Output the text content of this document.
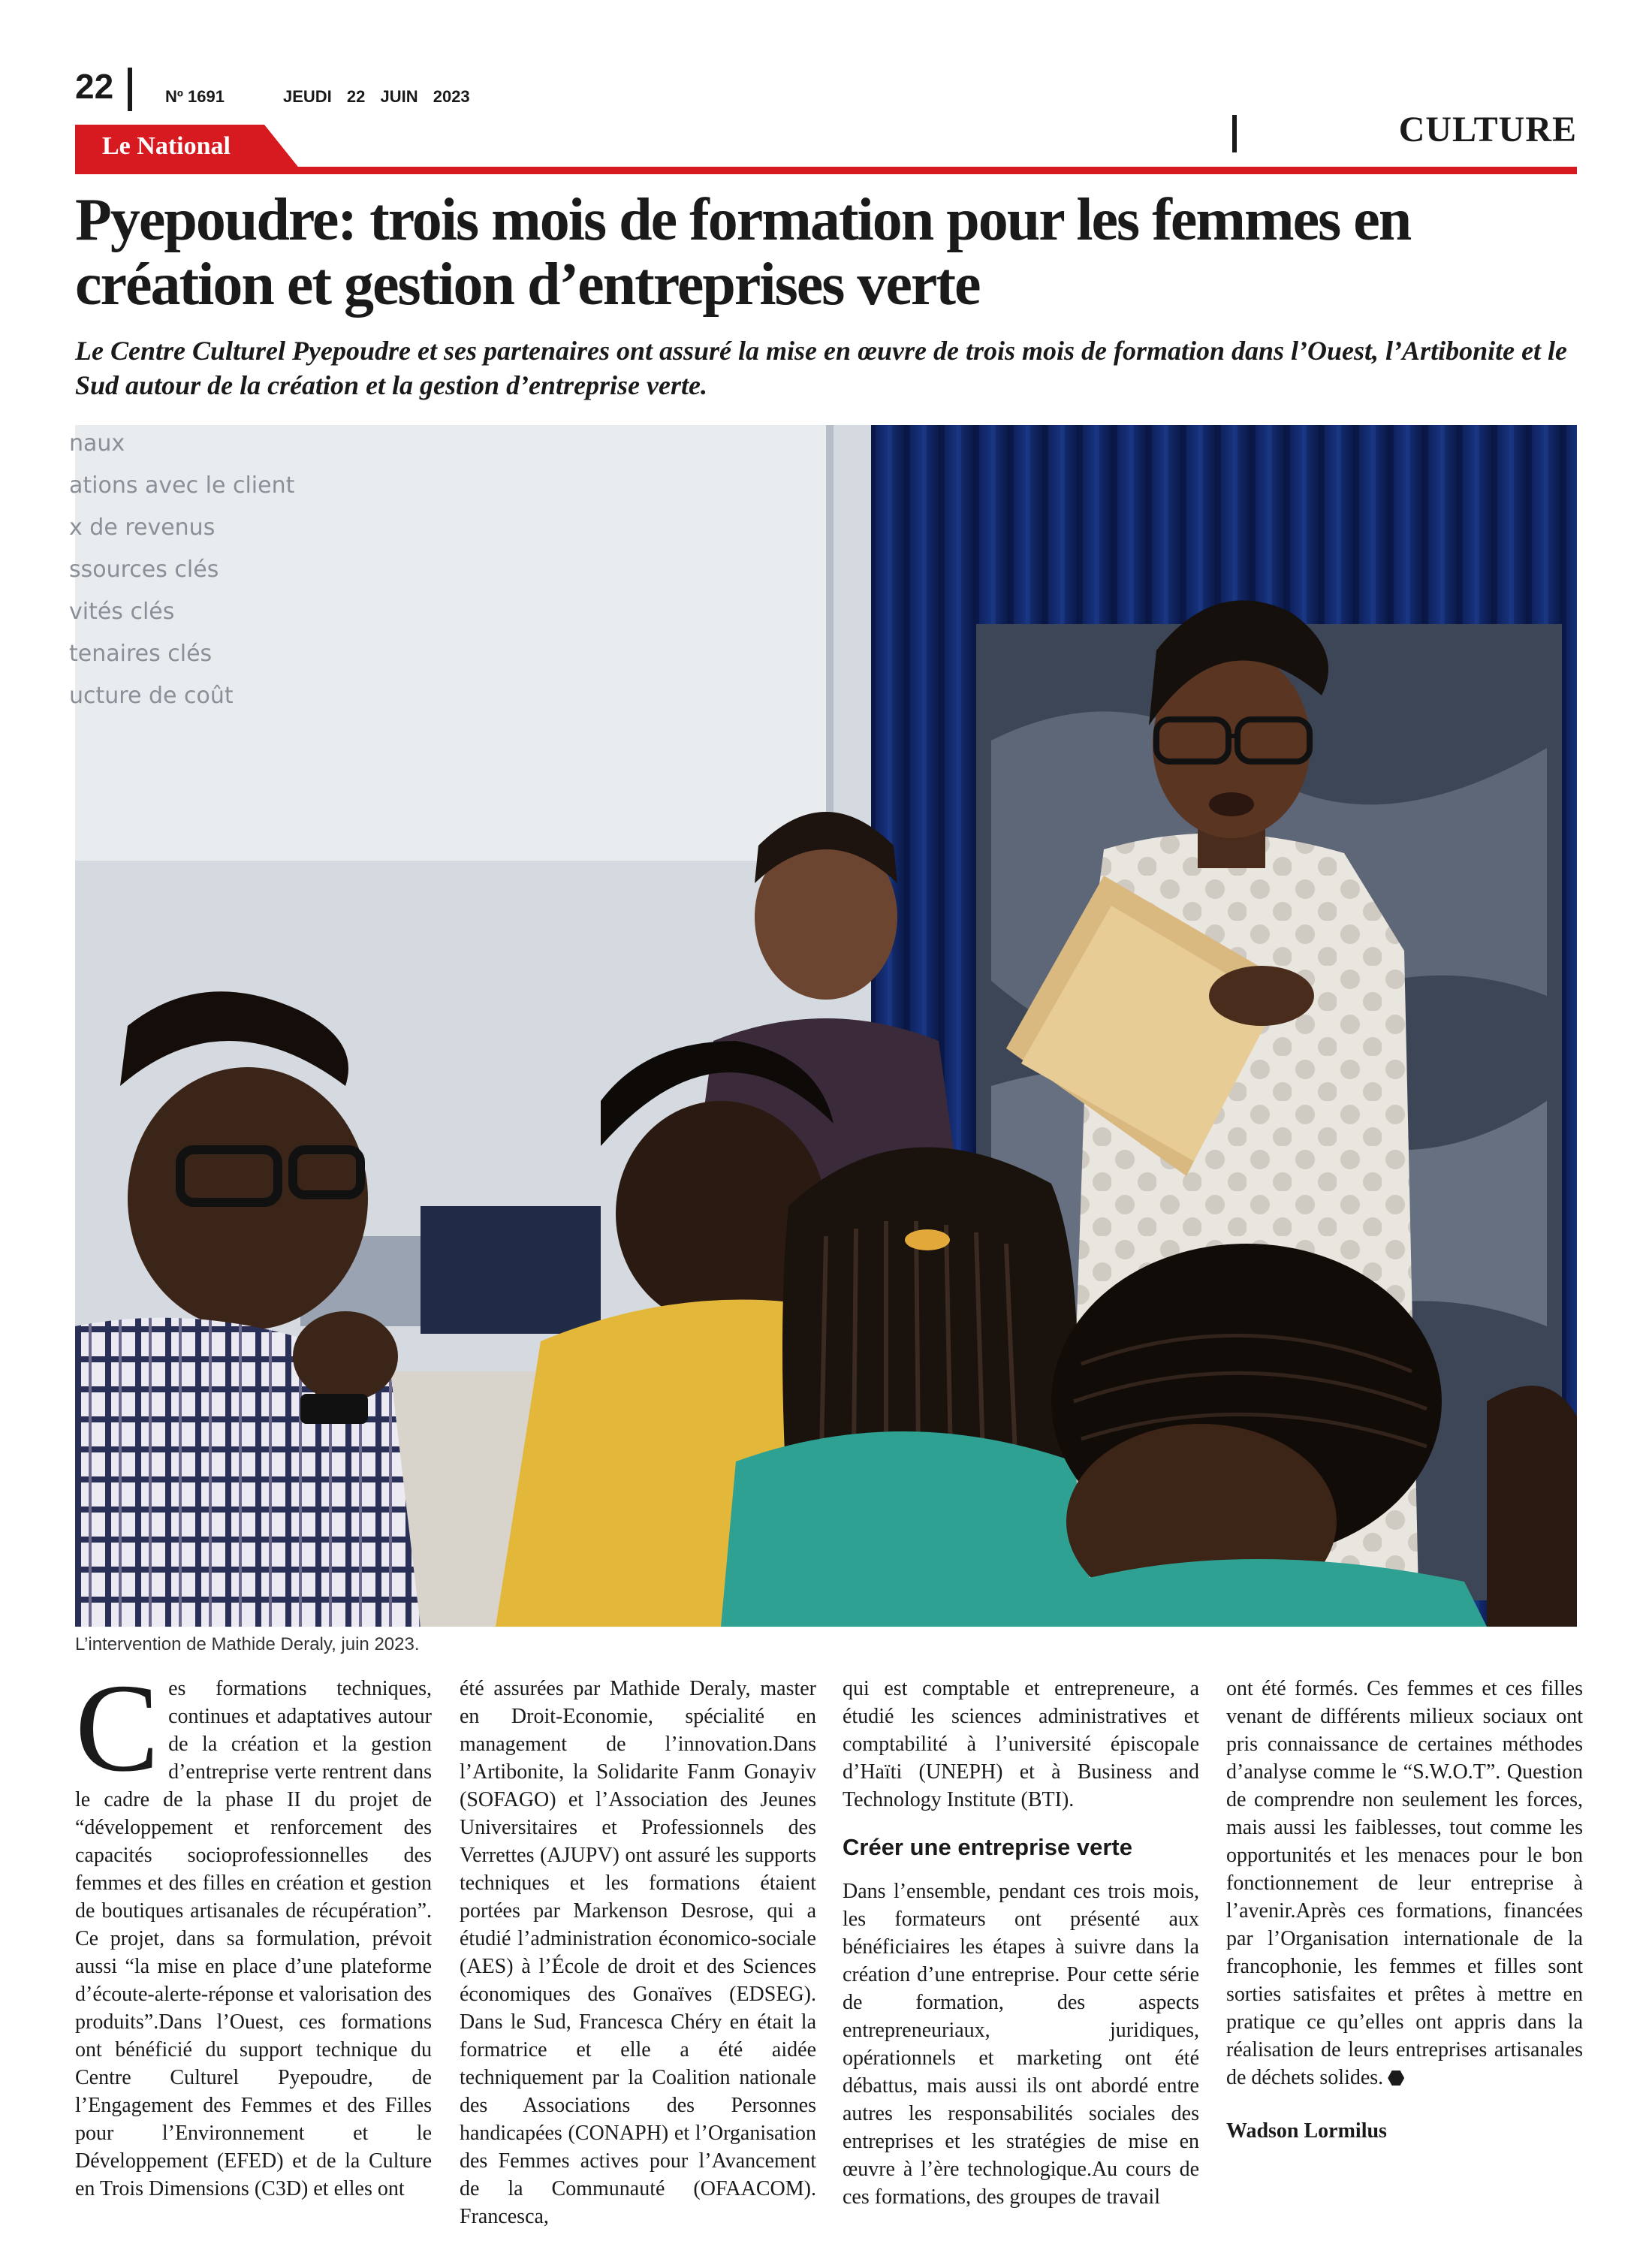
22	Nº 1691	JEUDI 22 JUIN 2023
Le National	CULTURE
Pyepoudre: trois mois de formation pour les femmes en création et gestion d’entreprises verte

Le Centre Culturel Pyepoudre et ses partenaires ont assuré la mise en œuvre de trois mois de formation dans l’Ouest, l’Artibonite et le Sud autour de la création et la gestion d’entreprise verte.

naux
ations avec le client
x de revenus
ssources clés
vités clés
tenaires clés
ucture de coût
L’intervention de Mathide Deraly, juin 2023.

C es formations techniques, continues et adaptatives autour de la création et la gestion d’entreprise verte rentrent dans le cadre de la phase II du projet de “développement et renforcement des capacités socioprofessionnelles des femmes et des filles en création et gestion de boutiques artisanales de récupération”. Ce projet, dans sa formulation, prévoit aussi “la mise en place d’une plateforme d’écoute-alerte-réponse et valorisation des produits”.Dans l’Ouest, ces formations ont bénéficié du support technique du Centre Culturel Pyepoudre, de l’Engagement des Femmes et des Filles pour l’Environnement et le Développement (EFED) et de la Culture en Trois Dimensions (C3D) et elles ont

été assurées par Mathide Deraly, master en Droit-Economie, spécialité en management de l’innovation.Dans l’Artibonite, la Solidarite Fanm Gonayiv (SOFAGO) et l’Association des Jeunes Universitaires et Professionnels des Verrettes (AJUPV) ont assuré les supports techniques et les formations étaient portées par Markenson Desrose, qui a étudié l’administration économico-sociale (AES) à l’École de droit et des Sciences économiques des Gonaïves (EDSEG). Dans le Sud, Francesca Chéry en était la formatrice et elle a été aidée techniquement par la Coalition nationale des Associations des Personnes handicapées (CONAPH) et l’Organisation des Femmes actives pour l’Avancement de la Communauté (OFAACOM). Francesca,

qui est comptable et entrepreneure, a étudié les sciences administratives et comptabilité à l’université épiscopale d’Haïti (UNEPH) et à Business and Technology Institute (BTI).

Créer une entreprise verte

Dans l’ensemble, pendant ces trois mois, les formateurs ont présenté aux bénéficiaires les étapes à suivre dans la création d’une entreprise. Pour cette série de formation, des aspects entrepreneuriaux, juridiques, opérationnels et marketing ont été débattus, mais aussi ils ont abordé entre autres les responsabilités sociales des entreprises et les stratégies de mise en œuvre à l’ère technologique.Au cours de ces formations, des groupes de travail

ont été formés. Ces femmes et ces filles venant de différents milieux sociaux ont pris connaissance de certaines méthodes d’analyse comme le “S.W.O.T”. Question de comprendre non seulement les forces, mais aussi les faiblesses, tout comme les opportunités et les menaces pour le bon fonctionnement de leur entreprise à l’avenir.Après ces formations, financées par l’Organisation internationale de la francophonie, les femmes et filles sont sorties satisfaites et prêtes à mettre en pratique ce qu’elles ont appris dans la réalisation de leurs entreprises artisanales de déchets solides.

Wadson Lormilus
